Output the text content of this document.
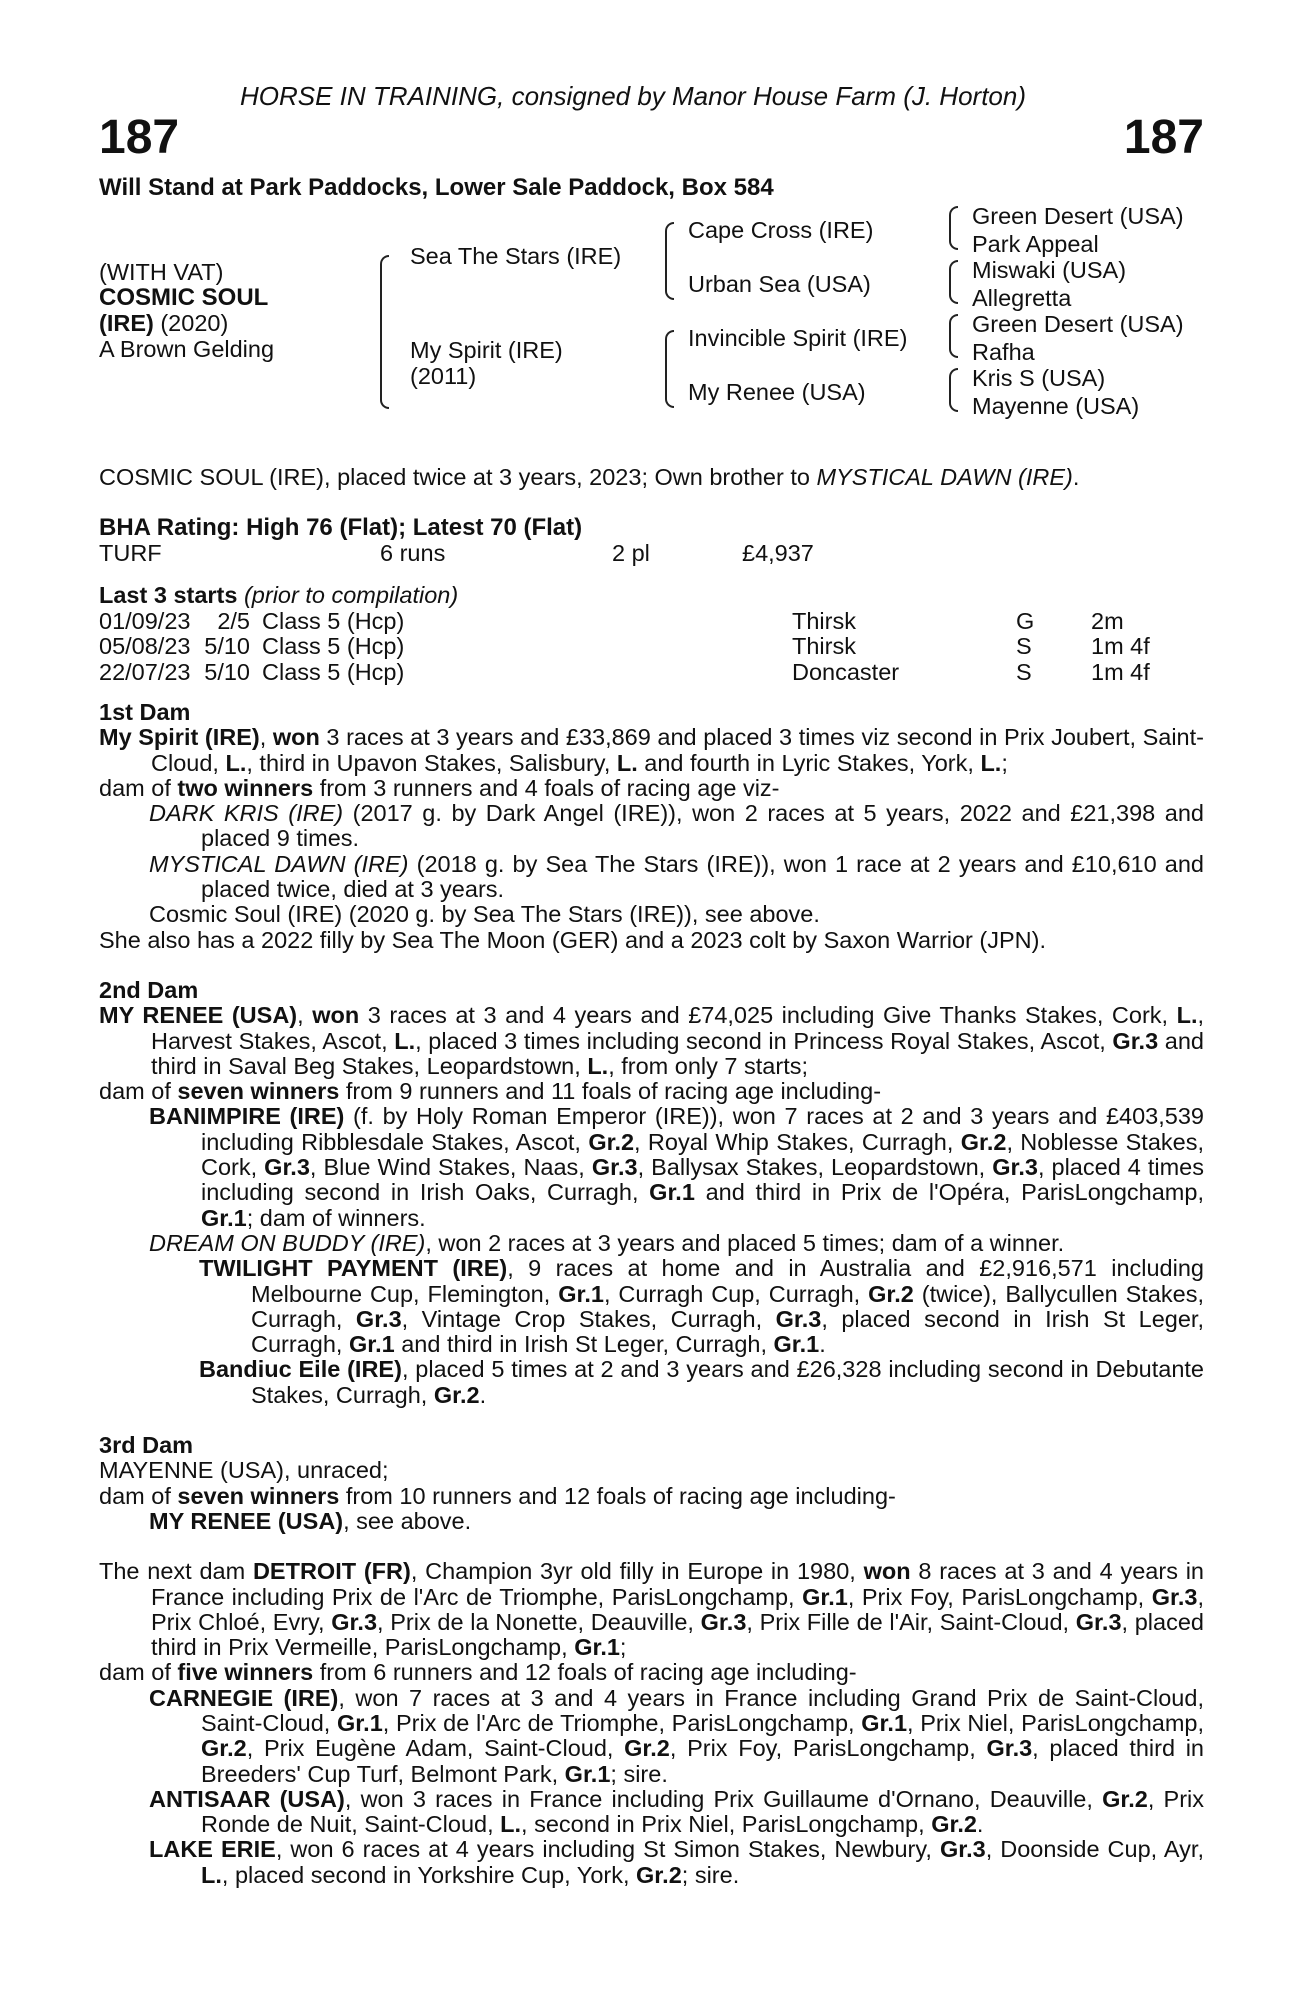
HORSE IN TRAINING, consigned by Manor House Farm (J. Horton)
187	187
Will Stand at Park Paddocks, Lower Sale Paddock, Box 584
(WITH VAT)
COSMIC SOUL
(IRE) (2020)
A Brown Gelding
Sea The Stars (IRE)
My Spirit (IRE)
(2011)
Cape Cross (IRE)
Urban Sea (USA)
Invincible Spirit (IRE)
My Renee (USA)
Green Desert (USA)
Park Appeal
Miswaki (USA)
Allegretta
Green Desert (USA)
Rafha
Kris S (USA)
Mayenne (USA)
COSMIC SOUL (IRE), placed twice at 3 years, 2023; Own brother to MYSTICAL DAWN (IRE).
BHA Rating: High 76 (Flat); Latest 70 (Flat)
TURF	6 runs	2 pl	£4,937
Last 3 starts (prior to compilation)
01/09/23	2/5	Class 5 (Hcp)	Thirsk	G	2m
05/08/23	5/10	Class 5 (Hcp)	Thirsk	S	1m 4f
22/07/23	5/10	Class 5 (Hcp)	Doncaster	S	1m 4f
1st Dam
My Spirit (IRE), won 3 races at 3 years and £33,869 and placed 3 times viz second in Prix Joubert, Saint-Cloud, L., third in Upavon Stakes, Salisbury, L. and fourth in Lyric Stakes, York, L.;
dam of two winners from 3 runners and 4 foals of racing age viz-
DARK KRIS (IRE) (2017 g. by Dark Angel (IRE)), won 2 races at 5 years, 2022 and £21,398 and placed 9 times.
MYSTICAL DAWN (IRE) (2018 g. by Sea The Stars (IRE)), won 1 race at 2 years and £10,610 and placed twice, died at 3 years.
Cosmic Soul (IRE) (2020 g. by Sea The Stars (IRE)), see above.
She also has a 2022 filly by Sea The Moon (GER) and a 2023 colt by Saxon Warrior (JPN).
2nd Dam
MY RENEE (USA), won 3 races at 3 and 4 years and £74,025 including Give Thanks Stakes, Cork, L., Harvest Stakes, Ascot, L., placed 3 times including second in Princess Royal Stakes, Ascot, Gr.3 and third in Saval Beg Stakes, Leopardstown, L., from only 7 starts;
dam of seven winners from 9 runners and 11 foals of racing age including-
BANIMPIRE (IRE) (f. by Holy Roman Emperor (IRE)), won 7 races at 2 and 3 years and £403,539 including Ribblesdale Stakes, Ascot, Gr.2, Royal Whip Stakes, Curragh, Gr.2, Noblesse Stakes, Cork, Gr.3, Blue Wind Stakes, Naas, Gr.3, Ballysax Stakes, Leopardstown, Gr.3, placed 4 times including second in Irish Oaks, Curragh, Gr.1 and third in Prix de l'Opéra, ParisLongchamp, Gr.1; dam of winners.
DREAM ON BUDDY (IRE), won 2 races at 3 years and placed 5 times; dam of a winner.
TWILIGHT PAYMENT (IRE), 9 races at home and in Australia and £2,916,571 including Melbourne Cup, Flemington, Gr.1, Curragh Cup, Curragh, Gr.2 (twice), Ballycullen Stakes, Curragh, Gr.3, Vintage Crop Stakes, Curragh, Gr.3, placed second in Irish St Leger, Curragh, Gr.1 and third in Irish St Leger, Curragh, Gr.1.
Bandiuc Eile (IRE), placed 5 times at 2 and 3 years and £26,328 including second in Debutante Stakes, Curragh, Gr.2.
3rd Dam
MAYENNE (USA), unraced;
dam of seven winners from 10 runners and 12 foals of racing age including-
MY RENEE (USA), see above.
The next dam DETROIT (FR), Champion 3yr old filly in Europe in 1980, won 8 races at 3 and 4 years in France including Prix de l'Arc de Triomphe, ParisLongchamp, Gr.1, Prix Foy, ParisLongchamp, Gr.3, Prix Chloé, Evry, Gr.3, Prix de la Nonette, Deauville, Gr.3, Prix Fille de l'Air, Saint-Cloud, Gr.3, placed third in Prix Vermeille, ParisLongchamp, Gr.1;
dam of five winners from 6 runners and 12 foals of racing age including-
CARNEGIE (IRE), won 7 races at 3 and 4 years in France including Grand Prix de Saint-Cloud, Saint-Cloud, Gr.1, Prix de l'Arc de Triomphe, ParisLongchamp, Gr.1, Prix Niel, ParisLongchamp, Gr.2, Prix Eugène Adam, Saint-Cloud, Gr.2, Prix Foy, ParisLongchamp, Gr.3, placed third in Breeders' Cup Turf, Belmont Park, Gr.1; sire.
ANTISAAR (USA), won 3 races in France including Prix Guillaume d'Ornano, Deauville, Gr.2, Prix Ronde de Nuit, Saint-Cloud, L., second in Prix Niel, ParisLongchamp, Gr.2.
LAKE ERIE, won 6 races at 4 years including St Simon Stakes, Newbury, Gr.3, Doonside Cup, Ayr, L., placed second in Yorkshire Cup, York, Gr.2; sire.
